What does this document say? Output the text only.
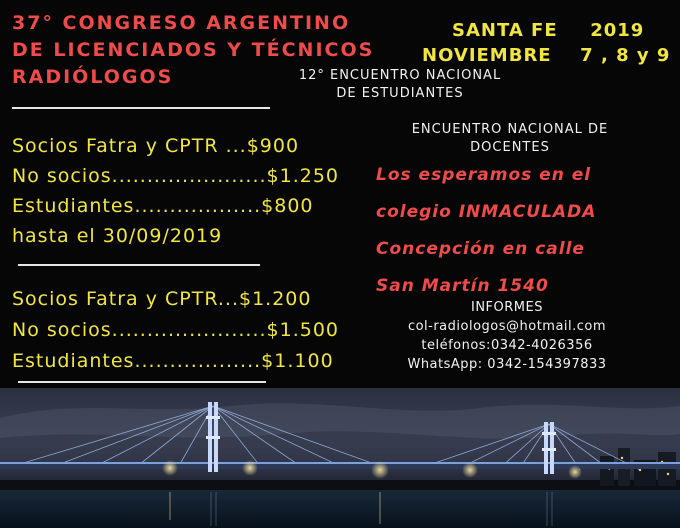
37° CONGRESO ARGENTINO
DE LICENCIADOS Y TÉCNICOS
RADIÓLOGOS
SANTA FE 2019
NOVIEMBRE 7 , 8 y 9
12° ENCUENTRO NACIONAL
DE ESTUDIANTES
ENCUENTRO NACIONAL DE
DOCENTES
Socios Fatra y CPTR ...$900
No socios......................$1.250
Estudiantes..................$800
hasta el 30/09/2019
Socios Fatra y CPTR...$1.200
No socios......................$1.500
Estudiantes..................$1.100
Los esperamos en el
colegio INMACULADA
Concepción en calle
San Martín 1540
INFORMES
col-radiologos@hotmail.com
teléfonos:0342-4026356
WhatsApp: 0342-154397833
